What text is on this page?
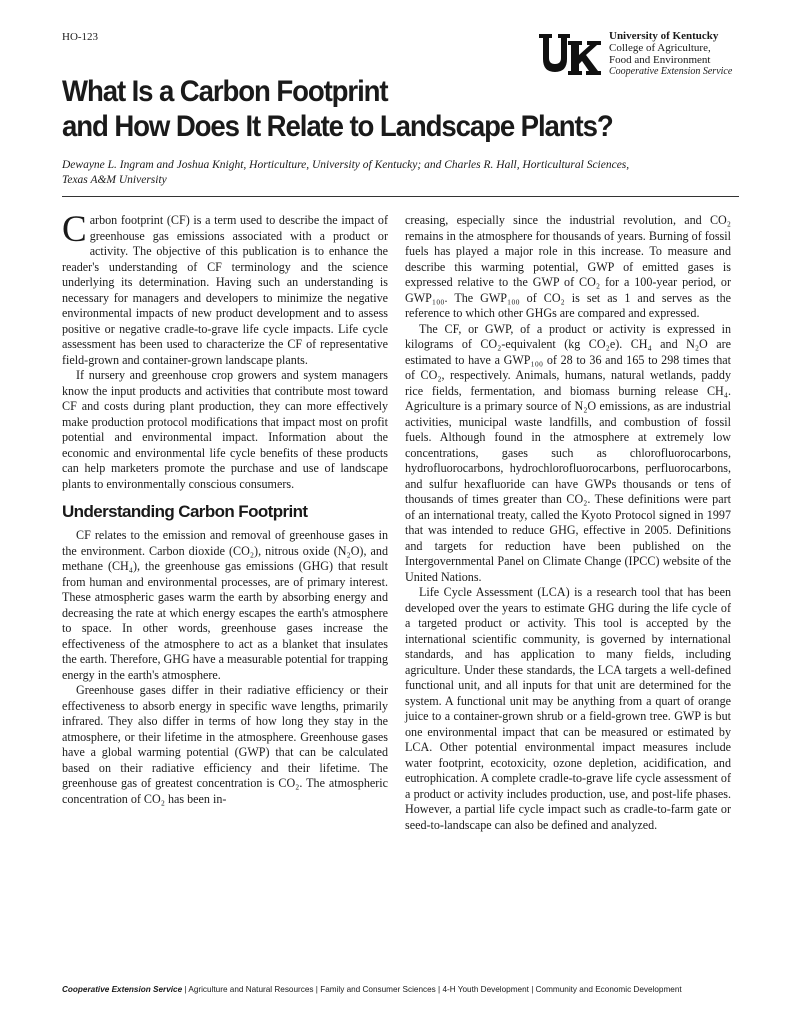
HO-123	University of Kentucky
College of Agriculture,
Food and Environment
Cooperative Extension Service
What Is a Carbon Footprint
and How Does It Relate to Landscape Plants?
Dewayne L. Ingram and Joshua Knight, Horticulture, University of Kentucky; and Charles R. Hall, Horticultural Sciences,
Texas A&M University

Carbon footprint (CF) is a term used to describe the impact of greenhouse gas emissions associated with a product or activity. The objective of this publication is to enhance the reader's understanding of CF terminology and the science underlying its determination. Having such an understanding is necessary for managers and developers to minimize the negative environmental impacts of new product development and to assess positive or negative cradle-to-grave life cycle impacts. Life cycle assessment has been used to characterize the CF of representative field-grown and container-grown landscape plants.

If nursery and greenhouse crop growers and system managers know the input products and activities that contribute most toward CF and costs during plant production, they can more effectively make production protocol modifications that impact most on profit potential and environmental impact. Information about the economic and environmental life cycle benefits of these products can help marketers promote the purchase and use of landscape plants to environmentally conscious consumers.

Understanding Carbon Footprint

CF relates to the emission and removal of greenhouse gases in the environment. Carbon dioxide (CO₂), nitrous oxide (N₂O), and methane (CH₄), the greenhouse gas emissions (GHG) that result from human and environmental processes, are of primary interest. These atmospheric gases warm the earth by absorbing energy and decreasing the rate at which energy escapes the earth's atmosphere to space. In other words, greenhouse gases increase the effectiveness of the atmosphere to act as a blanket that insulates the earth. Therefore, GHG have a measurable potential for trapping energy in the earth's atmosphere.

Greenhouse gases differ in their radiative efficiency or their effectiveness to absorb energy in specific wave lengths, primarily infrared. They also differ in terms of how long they stay in the atmosphere, or their lifetime in the atmosphere. Greenhouse gases have a global warming potential (GWP) that can be calculated based on their radiative efficiency and their lifetime. The greenhouse gas of greatest concentration is CO₂. The atmospheric concentration of CO₂ has been in-

creasing, especially since the industrial revolution, and CO₂ remains in the atmosphere for thousands of years. Burning of fossil fuels has played a major role in this increase. To measure and describe this warming potential, GWP of emitted gases is expressed relative to the GWP of CO₂ for a 100-year period, or GWP₁₀₀. The GWP₁₀₀ of CO₂ is set as 1 and serves as the reference to which other GHGs are compared and expressed.

The CF, or GWP, of a product or activity is expressed in kilograms of CO₂-equivalent (kg CO₂e). CH₄ and N₂O are estimated to have a GWP₁₀₀ of 28 to 36 and 165 to 298 times that of CO₂, respectively. Animals, humans, natural wetlands, paddy rice fields, fermentation, and biomass burning release CH₄. Agriculture is a primary source of N₂O emissions, as are industrial activities, municipal waste landfills, and combustion of fossil fuels. Although found in the atmosphere at extremely low concentrations, gases such as chlorofluorocarbons, hydrofluorocarbons, hydrochlorofluorocarbons, perfluorocarbons, and sulfur hexafluoride can have GWPs thousands or tens of thousands of times greater than CO₂. These definitions were part of an international treaty, called the Kyoto Protocol signed in 1997 that was intended to reduce GHG, effective in 2005. Definitions and targets for reduction have been published on the Intergovernmental Panel on Climate Change (IPCC) website of the United Nations.

Life Cycle Assessment (LCA) is a research tool that has been developed over the years to estimate GHG during the life cycle of a targeted product or activity. This tool is accepted by the international scientific community, is governed by international standards, and has application to many fields, including agriculture. Under these standards, the LCA targets a well-defined functional unit, and all inputs for that unit are determined for the system. A functional unit may be anything from a quart of orange juice to a container-grown shrub or a field-grown tree. GWP is but one environmental impact that can be measured or estimated by LCA. Other potential environmental impact measures include water footprint, ecotoxicity, ozone depletion, acidification, and eutrophication. A complete cradle-to-grave life cycle assessment of a product or activity includes production, use, and post-life phases. However, a partial life cycle impact such as cradle-to-farm gate or seed-to-landscape can also be defined and analyzed.

Cooperative Extension Service | Agriculture and Natural Resources | Family and Consumer Sciences | 4-H Youth Development | Community and Economic Development
